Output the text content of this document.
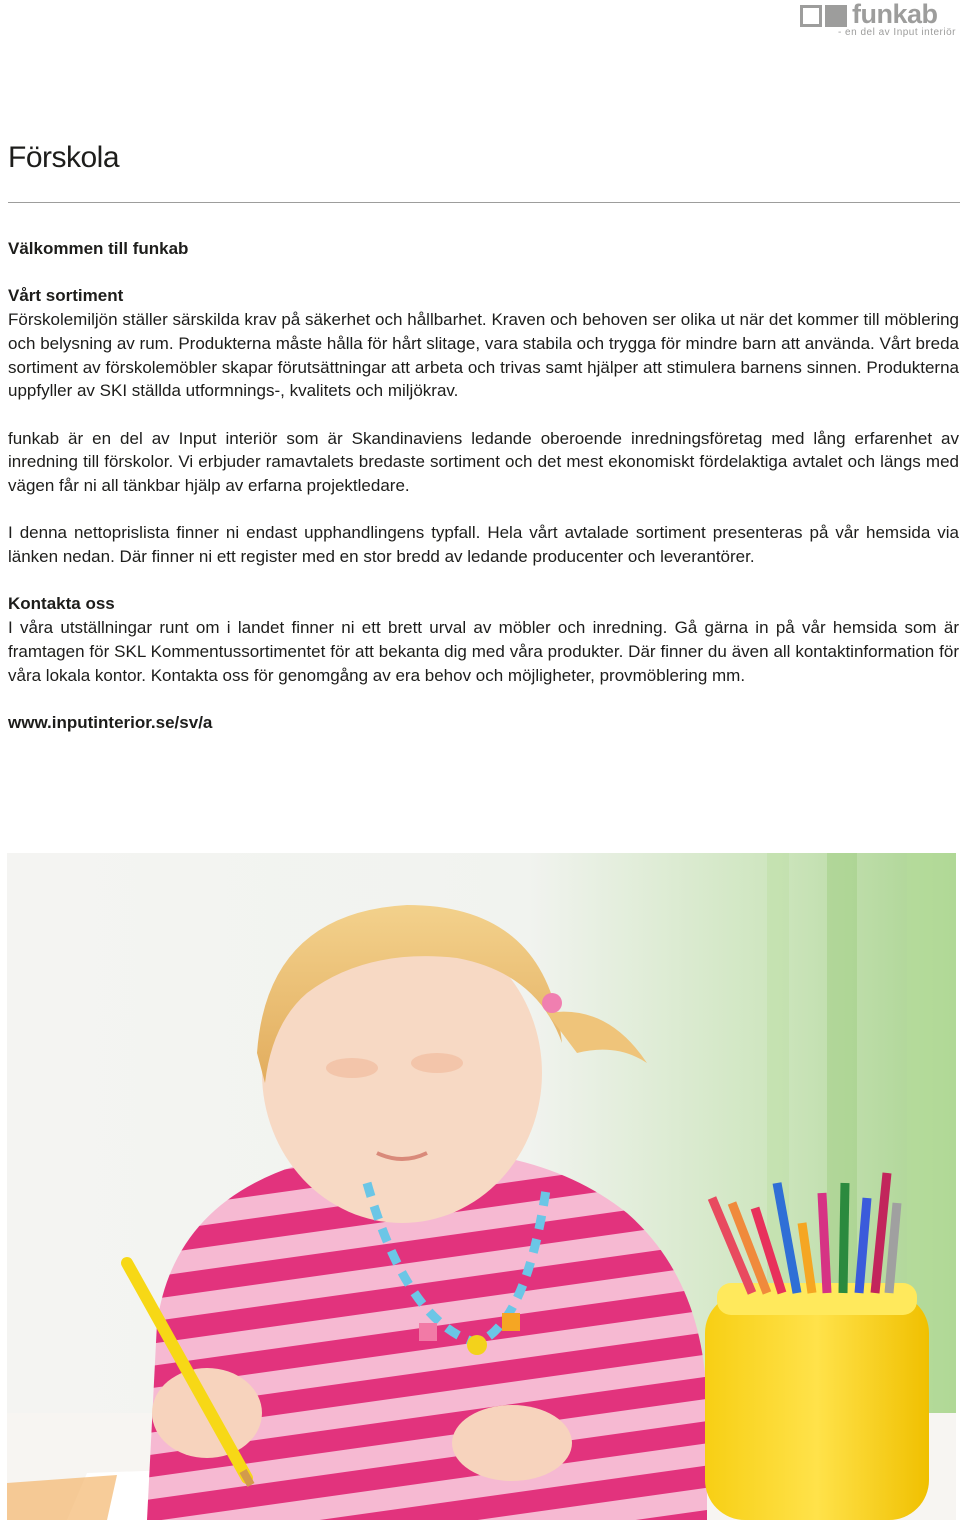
funkab
- en del av Input interiör
Förskola

Välkommen till funkab

Vårt sortiment

Förskolemiljön ställer särskilda krav på säkerhet och hållbarhet. Kraven och behoven ser olika ut när det kommer till möblering och belysning av rum. Produkterna måste hålla för hårt slitage, vara stabila och trygga för mindre barn att använda. Vårt breda sortiment av förskolemöbler skapar förutsättningar att arbeta och trivas samt hjälper att stimulera barnens sinnen. Produkterna uppfyller av SKI ställda utformnings-, kvalitets och miljökrav.

funkab är en del av Input interiör som är Skandinaviens ledande oberoende inredningsföretag med lång erfarenhet av inredning till förskolor. Vi erbjuder ramavtalets bredaste sortiment och det mest ekonomiskt fördelaktiga avtalet och längs med vägen får ni all tänkbar hjälp av erfarna projektledare.

I denna nettoprislista finner ni endast upphandlingens typfall. Hela vårt avtalade sortiment presenteras på vår hemsida via länken nedan. Där finner ni ett register med en stor bredd av ledande producenter och leverantörer.

Kontakta oss

I våra utställningar runt om i landet finner ni ett brett urval av möbler och inredning. Gå gärna in på vår hemsida som är framtagen för SKL Kommentussortimentet för att bekanta dig med våra produkter. Där finner du även all kontaktinformation för våra lokala kontor. Kontakta oss för genomgång av era behov och möjligheter, provmöblering mm.

www.inputinterior.se/sv/a
